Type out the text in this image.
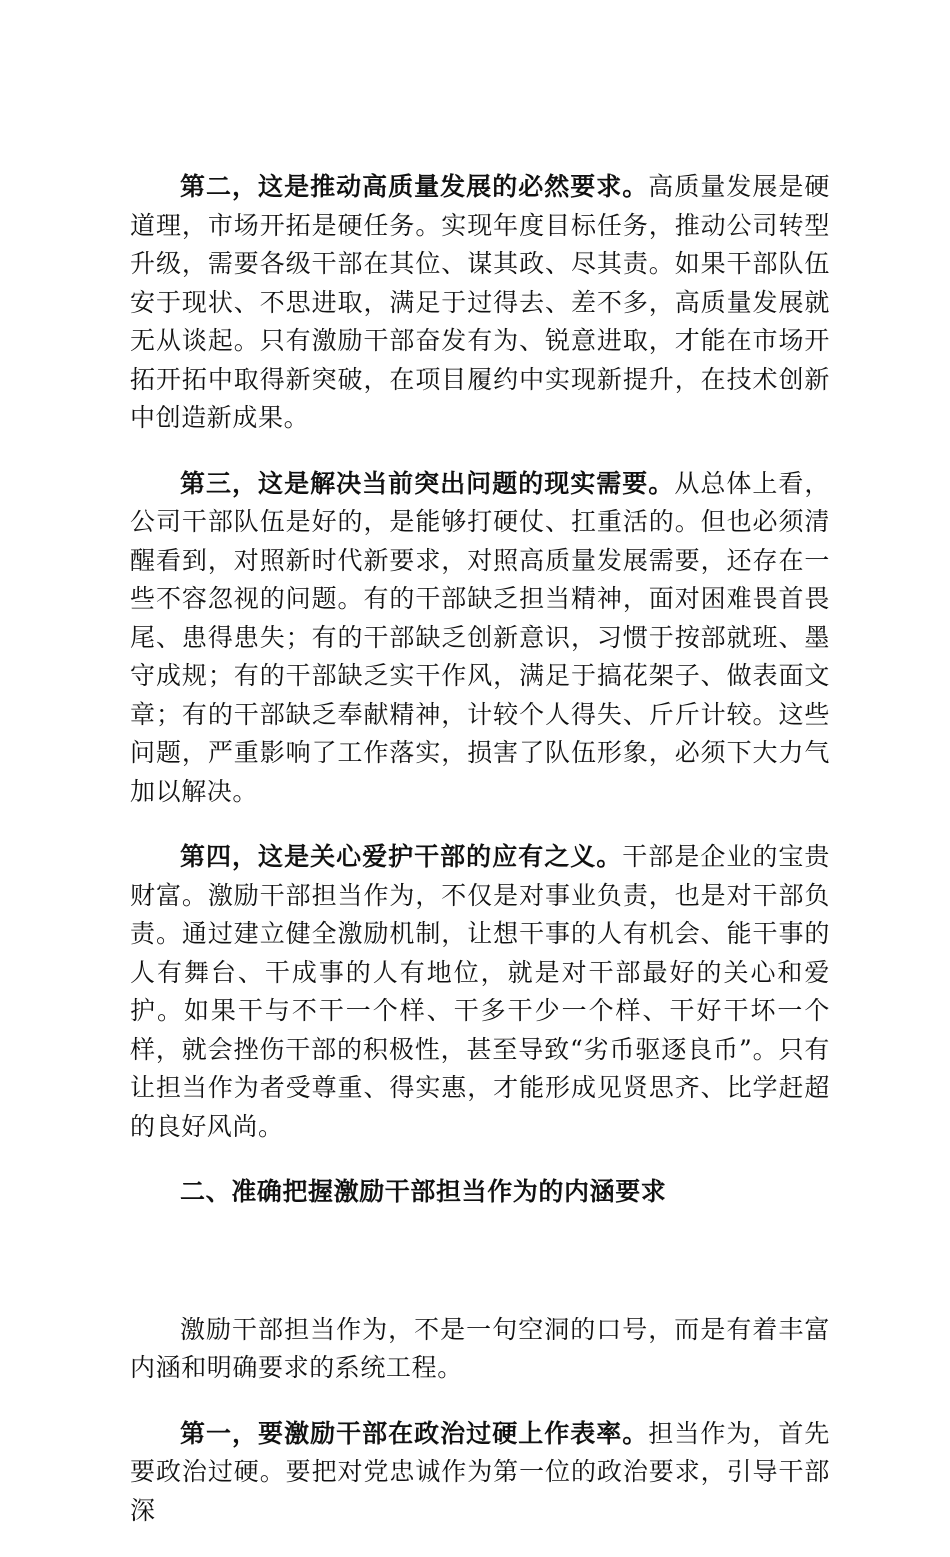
第二，这是推动高质量发展的必然要求。高质量发展是硬道理，市场开拓是硬任务。实现年度目标任务，推动公司转型升级，需要各级干部在其位、谋其政、尽其责。如果干部队伍安于现状、不思进取，满足于过得去、差不多，高质量发展就无从谈起。只有激励干部奋发有为、锐意进取，才能在市场开拓开拓中取得新突破，在项目履约中实现新提升，在技术创新中创造新成果。

第三，这是解决当前突出问题的现实需要。从总体上看，公司干部队伍是好的，是能够打硬仗、扛重活的。但也必须清醒看到，对照新时代新要求，对照高质量发展需要，还存在一些不容忽视的问题。有的干部缺乏担当精神，面对困难畏首畏尾、患得患失；有的干部缺乏创新意识，习惯于按部就班、墨守成规；有的干部缺乏实干作风，满足于搞花架子、做表面文章；有的干部缺乏奉献精神，计较个人得失、斤斤计较。这些问题，严重影响了工作落实，损害了队伍形象，必须下大力气加以解决。

第四，这是关心爱护干部的应有之义。干部是企业的宝贵财富。激励干部担当作为，不仅是对事业负责，也是对干部负责。通过建立健全激励机制，让想干事的人有机会、能干事的人有舞台、干成事的人有地位，就是对干部最好的关心和爱护。如果干与不干一个样、干多干少一个样、干好干坏一个样，就会挫伤干部的积极性，甚至导致“劣币驱逐良币”。只有让担当作为者受尊重、得实惠，才能形成见贤思齐、比学赶超的良好风尚。

二、准确把握激励干部担当作为的内涵要求

激励干部担当作为，不是一句空洞的口号，而是有着丰富内涵和明确要求的系统工程。

第一，要激励干部在政治过硬上作表率。担当作为，首先要政治过硬。要把对党忠诚作为第一位的政治要求，引导干部深
